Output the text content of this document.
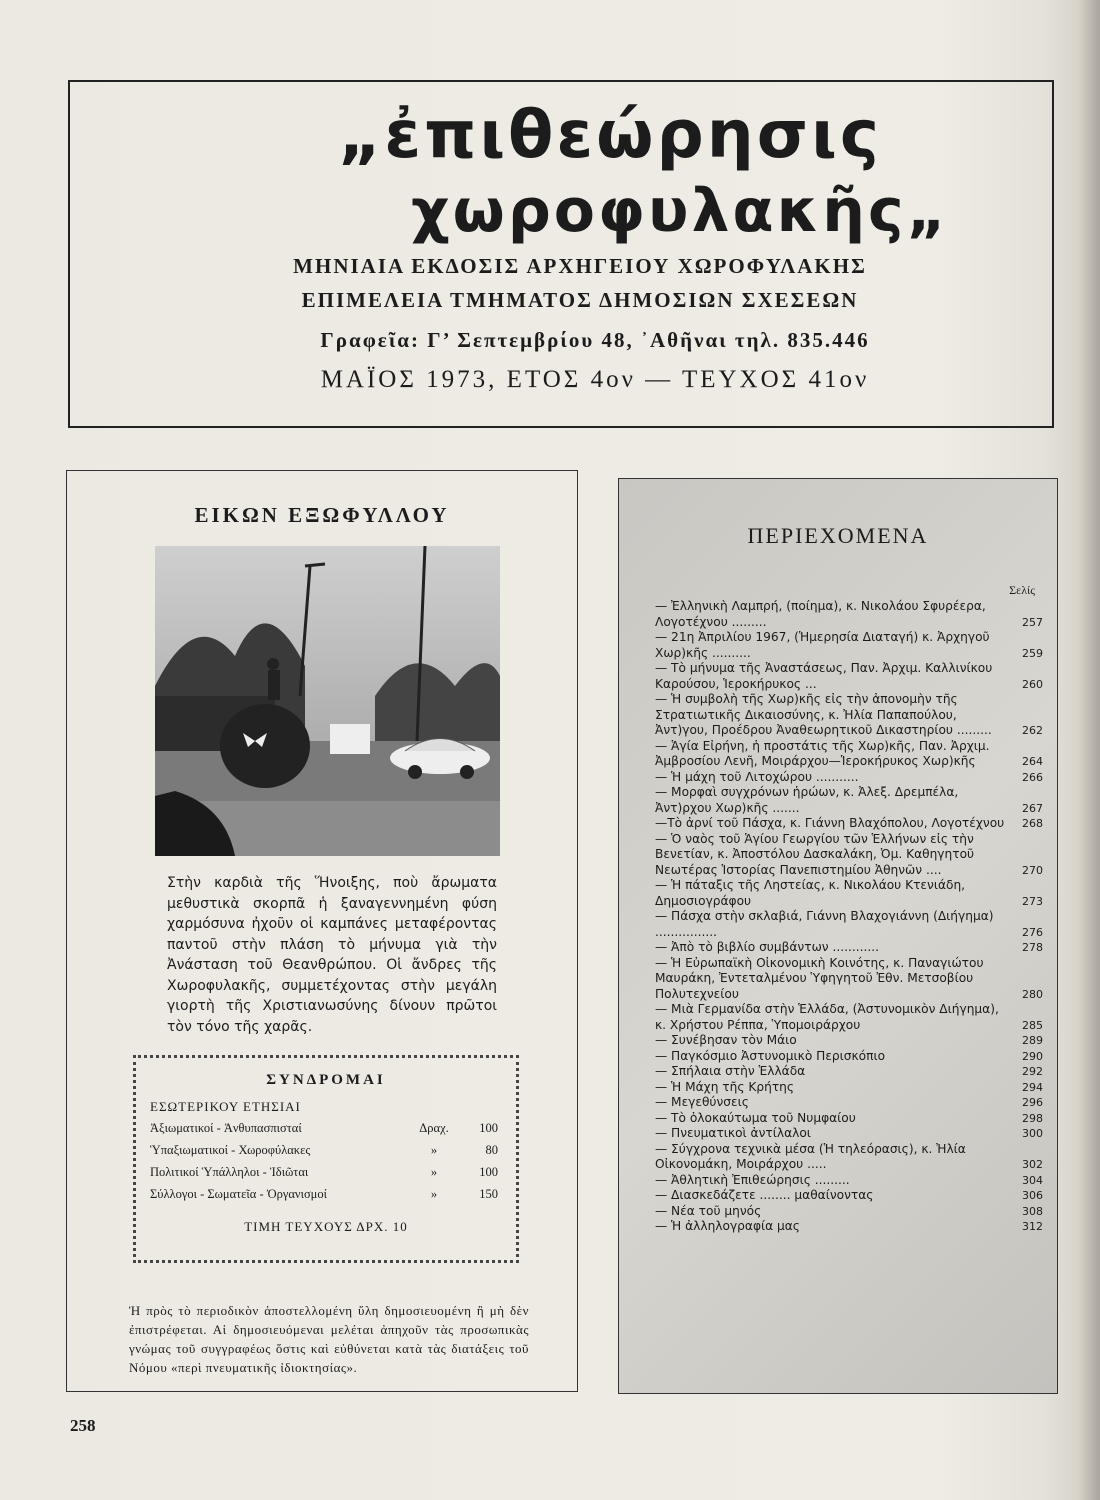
„ἐπιθεώρησις
χωροφυλακῆς„
ΜΗΝΙΑΙΑ ΕΚΔΟΣΙΣ ΑΡΧΗΓΕΙΟΥ ΧΩΡΟΦΥΛΑΚΗΣ
ΕΠΙΜΕΛΕΙΑ ΤΜΗΜΑΤΟΣ ΔΗΜΟΣΙΩΝ ΣΧΕΣΕΩΝ
Γραφεῖα: Γ’ Σεπτεμβρίου 48, ᾽Αθῆναι τηλ. 835.446
ΜΑΪΟΣ 1973, ΕΤΟΣ 4ον — ΤΕΥΧΟΣ 41ον
ΕΙΚΩΝ ΕΞΩΦΥΛΛΟΥ
Στὴν καρδιὰ τῆς Ἥνοιξης, ποὺ ἄρωματα μεθυστικὰ σκορπᾶ ἡ ξαναγεννημένη φύση χαρμόσυνα ἠχοῦν οἱ καμπάνες μεταφέροντας παντοῦ στὴν πλάση τὸ μήνυμα γιὰ τὴν Ἀνάσταση τοῦ Θεανθρώπου. Οἱ ἄνδρες τῆς Χωροφυλακῆς, συμμετέχοντας στὴν μεγάλη γιορτὴ τῆς Χριστιανωσύνης δίνουν πρῶτοι τὸν τόνο τῆς χαρᾶς.
ΣΥΝΔΡΟΜΑΙ
ΕΣΩΤΕΡΙΚΟΥ ΕΤΗΣΙΑΙ
Ἀξιωματικοί - Ἀνθυπασπισταί	Δραχ.	100
Ὑπαξιωματικοί - Χωροφύλακες	»	80
Πολιτικοί Ὑπάλληλοι - Ἰδιῶται	»	100
Σύλλογοι - Σωματεῖα - Ὀργανισμοί	»	150
ΤΙΜΗ ΤΕΥΧΟΥΣ ΔΡΧ. 10
Ἡ πρὸς τὸ περιοδικὸν ἀποστελλομένη ὕλη δημοσιευομένη ἢ μὴ δὲν ἐπιστρέφεται. Αἱ δημοσιευόμεναι μελέται ἀπηχοῦν τὰς προσωπικὰς γνώμας τοῦ συγγραφέως ὅστις καὶ εὐθύνεται κατὰ τὰς διατάξεις τοῦ Νόμου «περὶ πνευματικῆς ἰδιοκτησίας».
ΠΕΡΙΕΧΟΜΕΝΑ
Σελίς
— Ἐλληνικὴ Λαμπρή, (ποίημα), κ. Νικολάου Σφυρέερα, Λογοτέχνου .........	257
— 21η Ἀπριλίου 1967, (Ἡμερησία Διαταγή) κ. Ἀρχηγοῦ Χωρ)κῆς ..........	259
— Τὸ μήνυμα τῆς Ἀναστάσεως, Παν. Ἀρχιμ. Καλλινίκου Καρούσου, Ἱεροκήρυκος ...	260
— Ἡ συμβολὴ τῆς Χωρ)κῆς εἰς τὴν ἀπονομὴν τῆς Στρατιωτικῆς Δικαιοσύνης, κ. Ἠλία Παπαπούλου, Ἀντ)γου, Προέδρου Ἀναθεωρητικοῦ Δικαστηρίου .........	262
— Ἁγία Εἰρήνη, ἡ προστάτις τῆς Χωρ)κῆς, Παν. Ἀρχιμ. Ἀμβροσίου Λενῆ, Μοιράρχου—Ἱεροκήρυκος Χωρ)κῆς	264
— Ἡ μάχη τοῦ Λιτοχώρου ...........	266
— Μορφαὶ συγχρόνων ἡρώων, κ. Ἀλεξ. Δρεμπέλα, Ἀντ)ρχου Χωρ)κῆς .......	267
—Τὸ ἀρνί τοῦ Πάσχα, κ. Γιάννη Βλαχόπολου, Λογοτέχνου	268
— Ὁ ναὸς τοῦ Ἁγίου Γεωργίου τῶν Ἑλλήνων εἰς τὴν Βενετίαν, κ. Ἀποστόλου Δασκαλάκη, Ὀμ. Καθηγητοῦ Νεωτέρας Ἱστορίας Πανεπιστημίου Ἀθηνῶν ....	270
— Ἡ πάταξις τῆς Ληστείας, κ. Νικολάου Κτενιάδη, Δημοσιογράφου	273
— Πάσχα στὴν σκλαβιά, Γιάννη Βλαχογιάννη (Διήγημα) ................	276
— Ἀπὸ τὸ βιβλίο συμβάντων ............	278
— Ἡ Εὐρωπαϊκὴ Οἰκονομικὴ Κοινότης, κ. Παναγιώτου Μαυράκη, Ἐντεταλμένου Ὑφηγητοῦ Ἐθν. Μετσοβίου Πολυτεχνείου	280
— Μιὰ Γερμανίδα στὴν Ἑλλάδα, (Ἀστυνομικὸν Διήγημα), κ. Χρήστου Ρέππα, Ὑπομοιράρχου	285
— Συνέβησαν τὸν Μάιο	289
— Παγκόσμιο Ἀστυνομικὸ Περισκόπιο	290
— Σπήλαια στὴν Ἑλλάδα	292
— Ἡ Μάχη τῆς Κρήτης	294
— Μεγεθύνσεις	296
— Τὸ ὁλοκαύτωμα τοῦ Νυμφαίου	298
— Πνευματικοὶ ἀντίλαλοι	300
— Σύγχρονα τεχνικὰ μέσα (Ἡ τηλεόρασις), κ. Ἠλία Οἰκονομάκη, Μοιράρχου .....	302
— Ἀθλητικὴ Ἐπιθεώρησις .........	304
— Διασκεδάζετε ........ μαθαίνοντας	306
— Νέα τοῦ μηνός	308
— Ἡ ἀλληλογραφία μας	312
258
